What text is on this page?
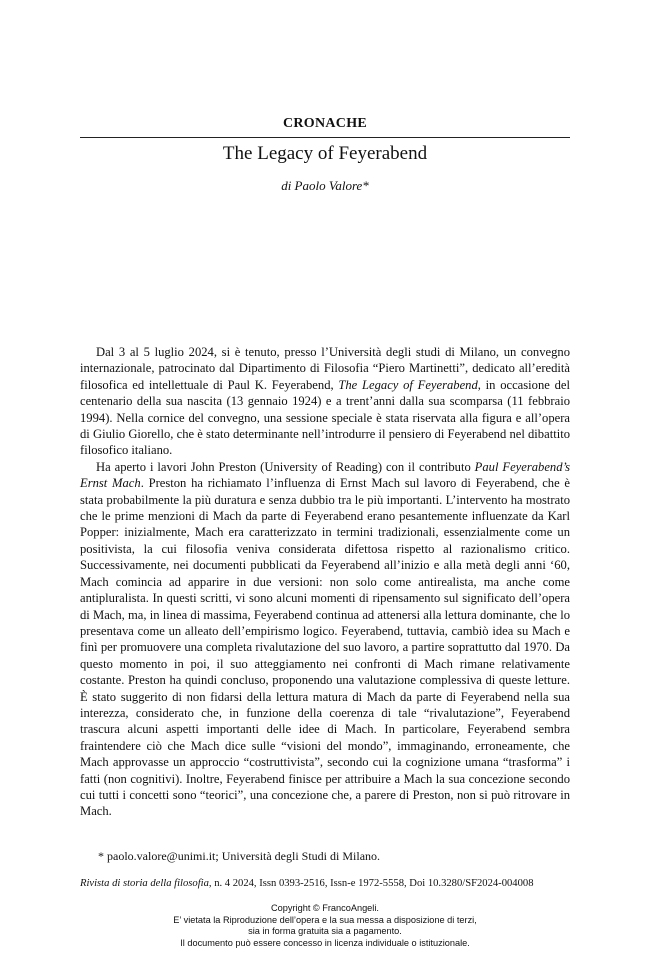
CRONACHE
The Legacy of Feyerabend
di Paolo Valore*

Dal 3 al 5 luglio 2024, si è tenuto, presso l’Università degli studi di Milano, un convegno internazionale, patrocinato dal Dipartimento di Filosofia “Piero Martinetti”, dedicato all’eredità filosofica ed intellettuale di Paul K. Feyerabend, The Legacy of Feyerabend, in occasione del centenario della sua nascita (13 gennaio 1924) e a trent’anni dalla sua scomparsa (11 febbraio 1994). Nella cornice del convegno, una sessione speciale è stata riservata alla figura e all’opera di Giulio Giorello, che è stato determinante nell’introdurre il pensiero di Feyerabend nel dibattito filosofico italiano.

Ha aperto i lavori John Preston (University of Reading) con il contributo Paul Feyerabend’s Ernst Mach. Preston ha richiamato l’influenza di Ernst Mach sul lavoro di Feyerabend, che è stata probabilmente la più duratura e senza dubbio tra le più importanti. L’intervento ha mostrato che le prime menzioni di Mach da parte di Feyerabend erano pesantemente influenzate da Karl Popper: inizialmente, Mach era caratterizzato in termini tradizionali, essenzialmente come un positivista, la cui filosofia veniva considerata difettosa rispetto al razionalismo critico. Successivamente, nei documenti pubblicati da Feyerabend all’inizio e alla metà degli anni ‘60, Mach comincia ad apparire in due versioni: non solo come antirealista, ma anche come antipluralista. In questi scritti, vi sono alcuni momenti di ripensamento sul significato dell’opera di Mach, ma, in linea di massima, Feyerabend continua ad attenersi alla lettura dominante, che lo presentava come un alleato dell’empirismo logico. Feyerabend, tuttavia, cambiò idea su Mach e finì per promuovere una completa rivalutazione del suo lavoro, a partire soprattutto dal 1970. Da questo momento in poi, il suo atteggiamento nei confronti di Mach rimane relativamente costante. Preston ha quindi concluso, proponendo una valutazione complessiva di queste letture. È stato suggerito di non fidarsi della lettura matura di Mach da parte di Feyerabend nella sua interezza, considerato che, in funzione della coerenza di tale “rivalutazione”, Feyerabend trascura alcuni aspetti importanti delle idee di Mach. In particolare, Feyerabend sembra fraintendere ciò che Mach dice sulle “visioni del mondo”, immaginando, erroneamente, che Mach approvasse un approccio “costruttivista”, secondo cui la cognizione umana “trasforma” i fatti (non cognitivi). Inoltre, Feyerabend finisce per attribuire a Mach la sua concezione secondo cui tutti i concetti sono “teorici”, una concezione che, a parere di Preston, non si può ritrovare in Mach.

* paolo.valore@unimi.it; Università degli Studi di Milano.
Rivista di storia della filosofia, n. 4 2024, Issn 0393-2516, Issn-e 1972-5558, Doi 10.3280/SF2024-004008
Copyright © FrancoAngeli.
E’ vietata la Riproduzione dell’opera e la sua messa a disposizione di terzi,
sia in forma gratuita sia a pagamento.
Il documento può essere concesso in licenza individuale o istituzionale.
